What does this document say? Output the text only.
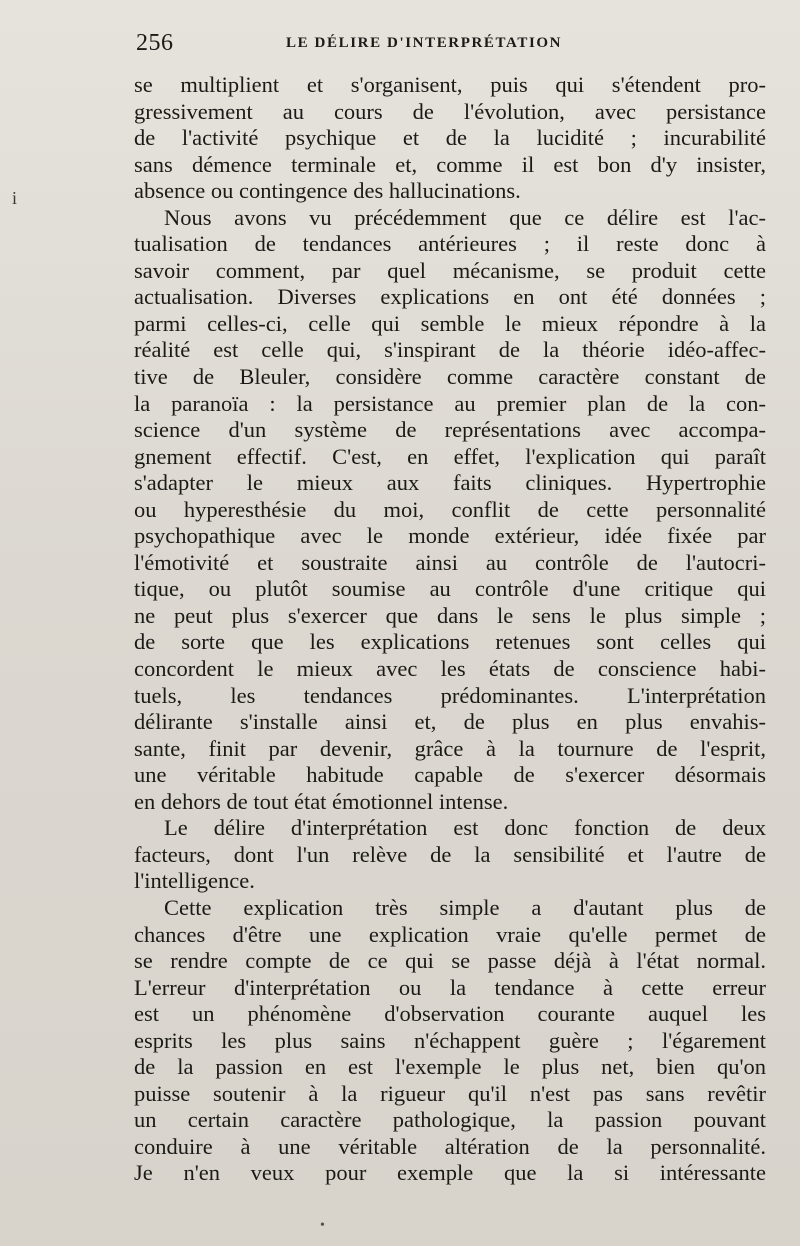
256	LE DÉLIRE D'INTERPRÉTATION
i
se multiplient et s'organisent, puis qui s'étendent pro-
gressivement au cours de l'évolution, avec persistance
de l'activité psychique et de la lucidité ; incurabilité
sans démence terminale et, comme il est bon d'y insister,
absence ou contingence des hallucinations.
Nous avons vu précédemment que ce délire est l'ac-
tualisation de tendances antérieures ; il reste donc à
savoir comment, par quel mécanisme, se produit cette
actualisation. Diverses explications en ont été données ;
parmi celles-ci, celle qui semble le mieux répondre à la
réalité est celle qui, s'inspirant de la théorie idéo-affec-
tive de Bleuler, considère comme caractère constant de
la paranoïa : la persistance au premier plan de la con-
science d'un système de représentations avec accompa-
gnement effectif. C'est, en effet, l'explication qui paraît
s'adapter le mieux aux faits cliniques. Hypertrophie
ou hyperesthésie du moi, conflit de cette personnalité
psychopathique avec le monde extérieur, idée fixée par
l'émotivité et soustraite ainsi au contrôle de l'autocri-
tique, ou plutôt soumise au contrôle d'une critique qui
ne peut plus s'exercer que dans le sens le plus simple ;
de sorte que les explications retenues sont celles qui
concordent le mieux avec les états de conscience habi-
tuels, les tendances prédominantes. L'interprétation
délirante s'installe ainsi et, de plus en plus envahis-
sante, finit par devenir, grâce à la tournure de l'esprit,
une véritable habitude capable de s'exercer désormais
en dehors de tout état émotionnel intense.
Le délire d'interprétation est donc fonction de deux
facteurs, dont l'un relève de la sensibilité et l'autre de
l'intelligence.
Cette explication très simple a d'autant plus de
chances d'être une explication vraie qu'elle permet de
se rendre compte de ce qui se passe déjà à l'état normal.
L'erreur d'interprétation ou la tendance à cette erreur
est un phénomène d'observation courante auquel les
esprits les plus sains n'échappent guère ; l'égarement
de la passion en est l'exemple le plus net, bien qu'on
puisse soutenir à la rigueur qu'il n'est pas sans revêtir
un certain caractère pathologique, la passion pouvant
conduire à une véritable altération de la personnalité.
Je n'en veux pour exemple que la si intéressante
•
